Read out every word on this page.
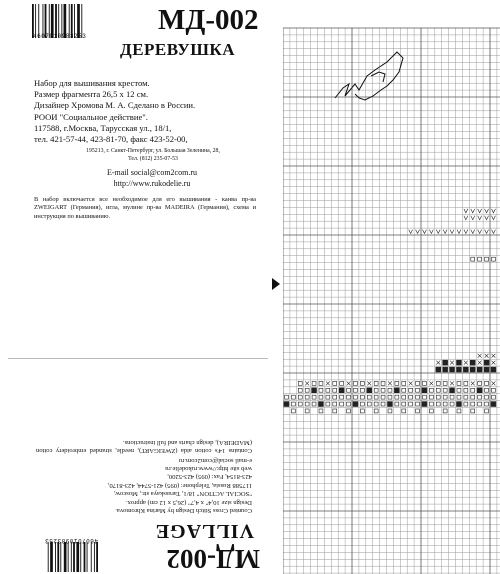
4607010983253
МД-002
ДЕРЕВУШКА
Набор для вышивания крестом.
Размер фрагмента 26,5 х 12 см.
Дизайнер Хромова М. А. Сделано в России.
РООИ "Социальное действие".
117588, г.Москва, Тарусская ул., 18/1,
тел. 421-57-44, 423-81-70, факс 423-52-00,
195213, г. Санкт-Петербург, ул. Большая Зеленина, 28,
Тел. (812) 235-07-53
E-mail social@com2com.ru
http://www.rukodelie.ru
В набор включается все необходимое для его вышивания - канва пр-ва ZWEIGART (Германия), игла, мулине пр-ва MADEIRA (Германия), схема и инструкция по вышиванию.
4607010983253
МД-002
VILLAGE
Counted Cross Stitch Design by Marina Khromova.
Design size 10,4" x 4,7" (26,5 x 12 cm) approx.
"SOCIAL ACTION" 18/1, Tarusskaya str., Moscow,
117588 Russia, Telephone: (095) 421-5744, 423-8170,
423-8154, Fax: (095) 423-5200,
web site http://www.rukodelie.ru
e-mail social@com2com.ru
Contains 14's cotton aida (ZWEIGART), needle, stranded embroidery cotton (MADEIRA), design charts and full instructions.
